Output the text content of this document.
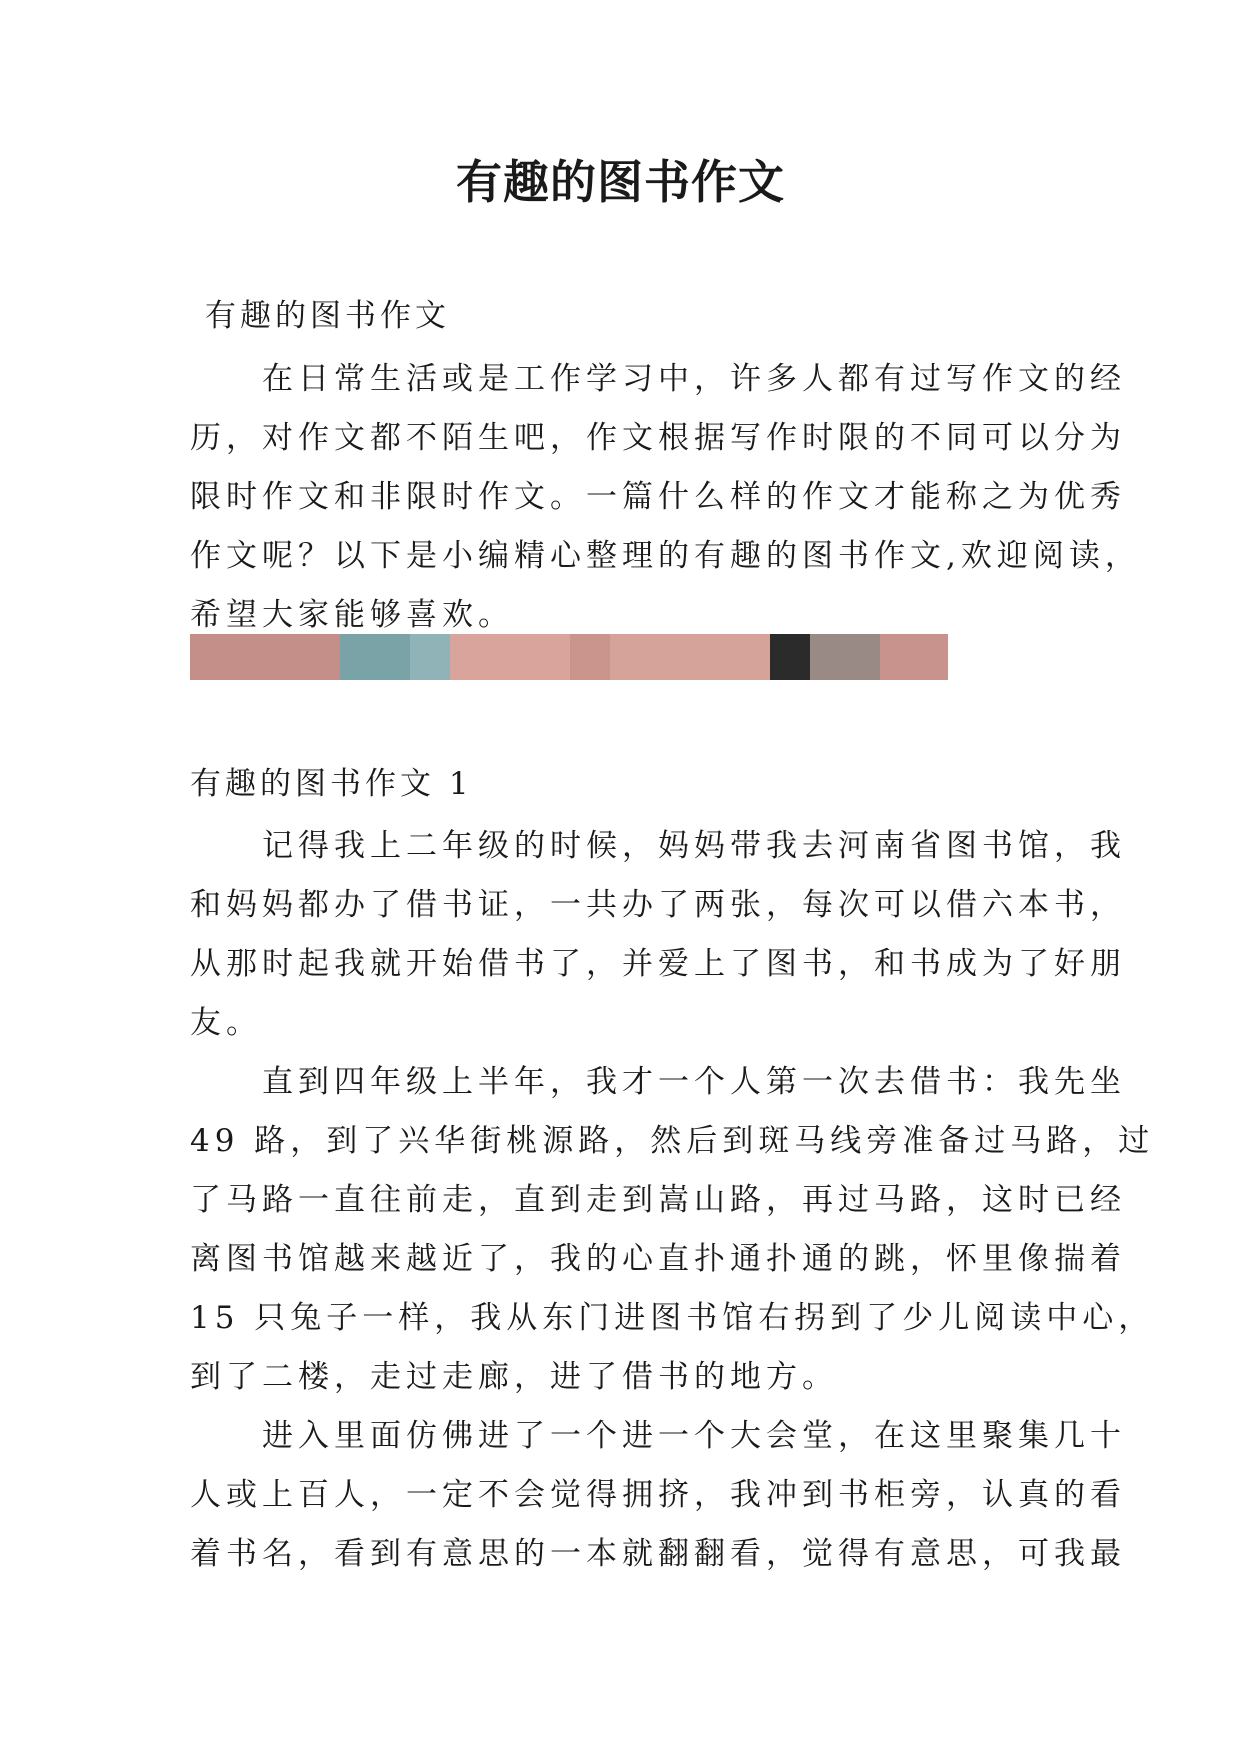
有趣的图书作文

有趣的图书作文

　　在日常生活或是工作学习中，许多人都有过写作文的经
历，对作文都不陌生吧，作文根据写作时限的不同可以分为
限时作文和非限时作文。一篇什么样的作文才能称之为优秀
作文呢？以下是小编精心整理的有趣的图书作文,欢迎阅读，
希望大家能够喜欢。

有趣的图书作文 1

　　记得我上二年级的时候，妈妈带我去河南省图书馆，我
和妈妈都办了借书证，一共办了两张，每次可以借六本书，
从那时起我就开始借书了，并爱上了图书，和书成为了好朋
友。
　　直到四年级上半年，我才一个人第一次去借书：我先坐
49 路，到了兴华街桃源路，然后到斑马线旁准备过马路，过
了马路一直往前走，直到走到嵩山路，再过马路，这时已经
离图书馆越来越近了，我的心直扑通扑通的跳，怀里像揣着
15 只兔子一样，我从东门进图书馆右拐到了少儿阅读中心，
到了二楼，走过走廊，进了借书的地方。
　　进入里面仿佛进了一个进一个大会堂，在这里聚集几十
人或上百人，一定不会觉得拥挤，我冲到书柜旁，认真的看
着书名，看到有意思的一本就翻翻看，觉得有意思，可我最
